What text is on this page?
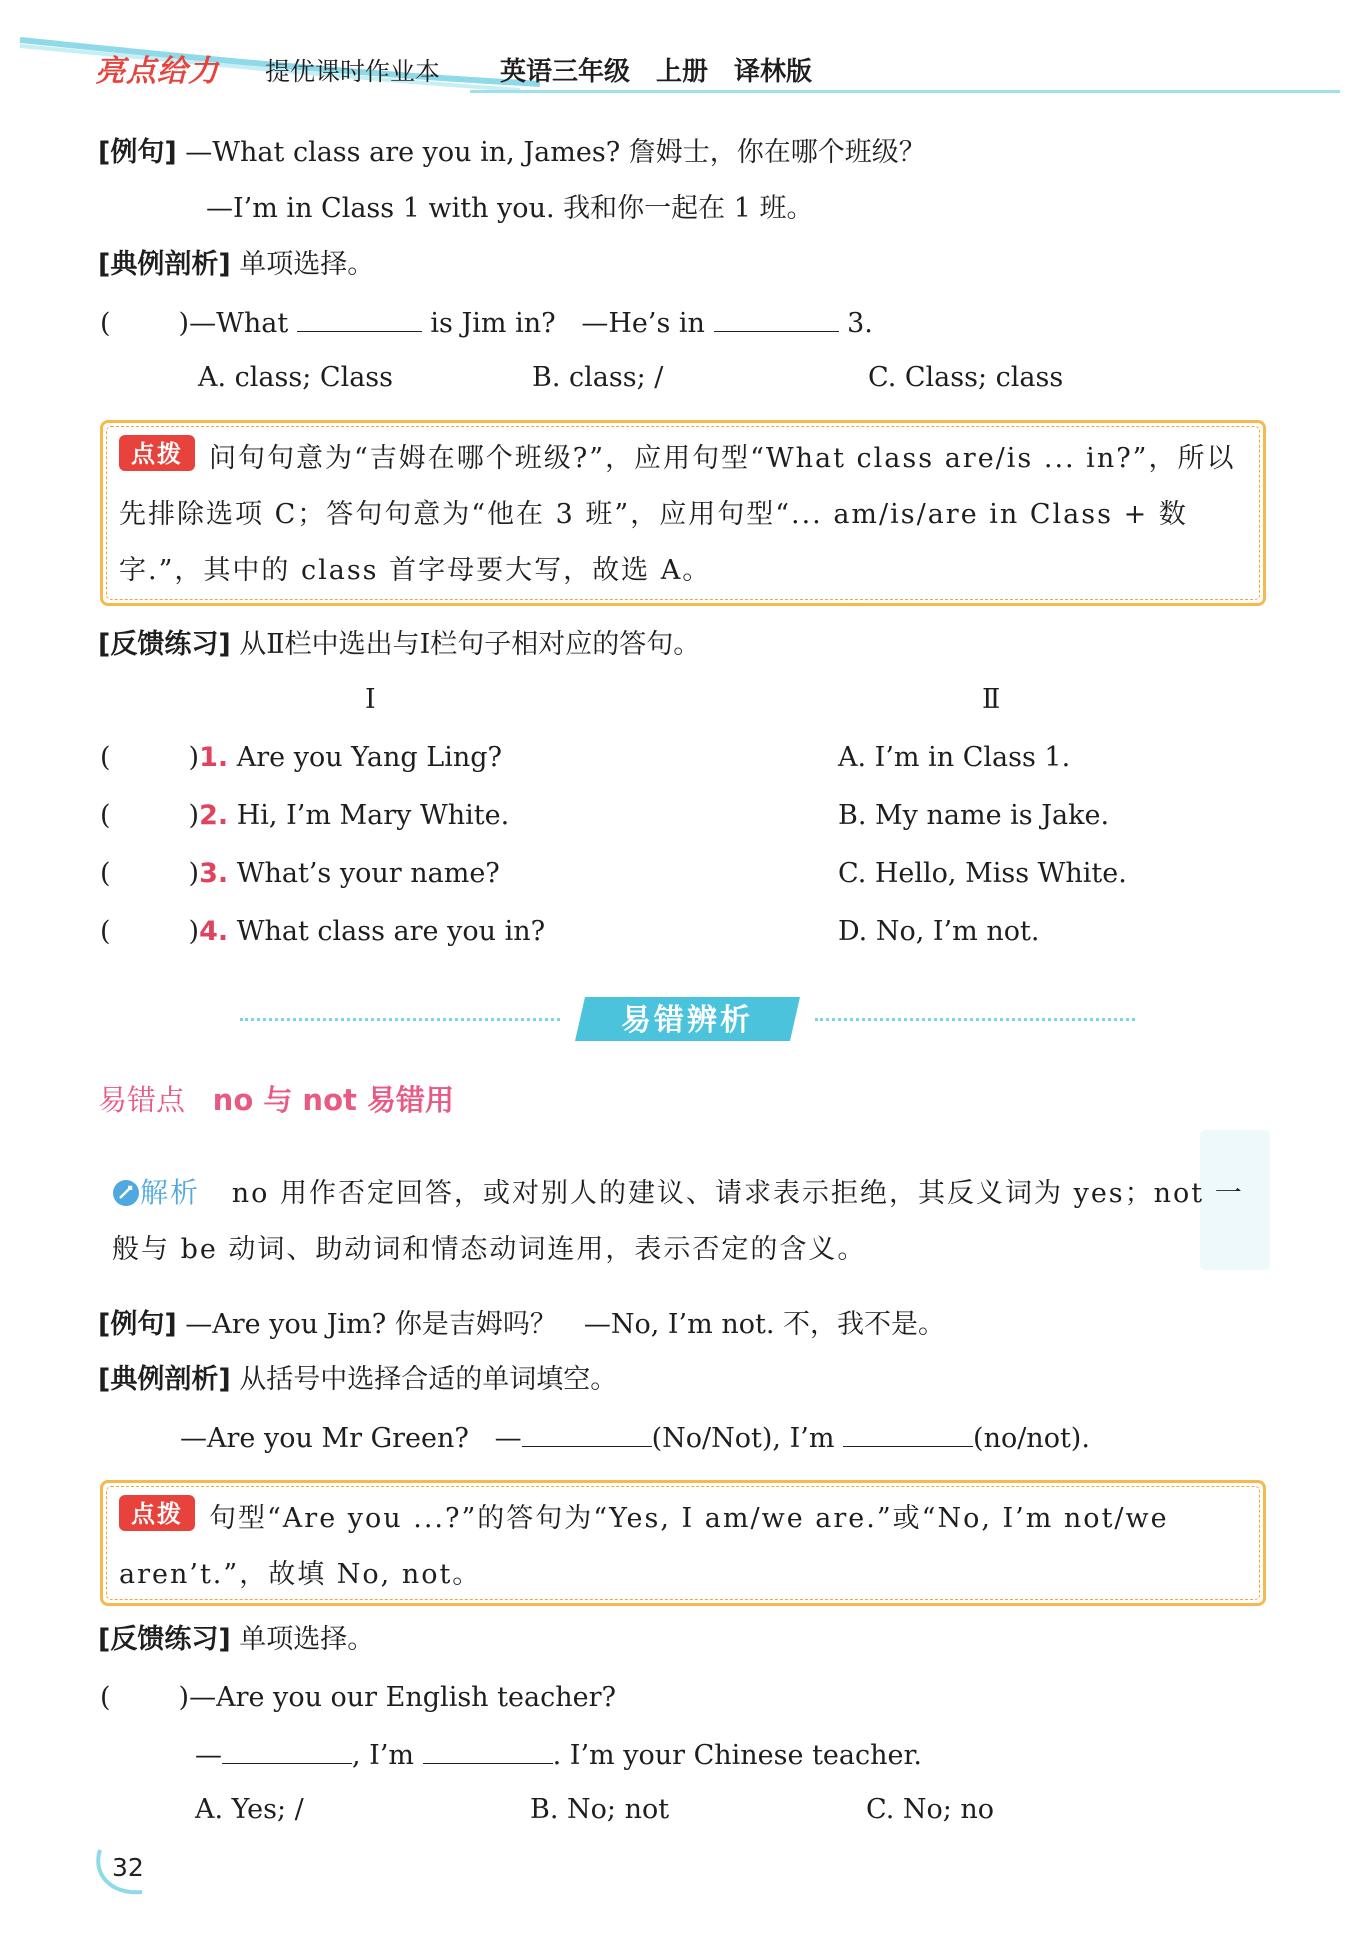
亮点给力 提优课时作业本 英语三年级　上册　译林版
[例句] —What class are you in, James? 詹姆士，你在哪个班级？
—I’m in Class 1 with you. 我和你一起在 1 班。
[典例剖析] 单项选择。
(	)—What	is Jim in? —He’s in	3.
A. class; Class	B. class; /	C. Class; class
点拨 问句句意为“吉姆在哪个班级?”，应用句型“What class are/is ... in?”，所以先排除选项 C；答句句意为“他在 3 班”，应用句型“... am/is/are in Class + 数字.”，其中的 class 首字母要大写，故选 A。
[反馈练习] 从Ⅱ栏中选出与Ⅰ栏句子相对应的答句。
Ⅰ	Ⅱ
(	)1. Are you Yang Ling?	A. I’m in Class 1.
(	)2. Hi, I’m Mary White.	B. My name is Jake.
(	)3. What’s your name?	C. Hello, Miss White.
(	)4. What class are you in?	D. No, I’m not.
易错辨析
易错点 no 与 not 易错用
解析 no 用作否定回答，或对别人的建议、请求表示拒绝，其反义词为 yes；not 一般与 be 动词、助动词和情态动词连用，表示否定的含义。
[例句] —Are you Jim? 你是吉姆吗？　—No, I’m not. 不，我不是。
[典例剖析] 从括号中选择合适的单词填空。
—Are you Mr Green? —	(No/Not), I’m	(no/not).
点拨 句型“Are you ...?”的答句为“Yes, I am/we are.”或“No, I’m not/we aren’t.”，故填 No, not。
[反馈练习] 单项选择。
(	)—Are you our English teacher?
—	, I’m	. I’m your Chinese teacher.
A. Yes; /	B. No; not	C. No; no
32
